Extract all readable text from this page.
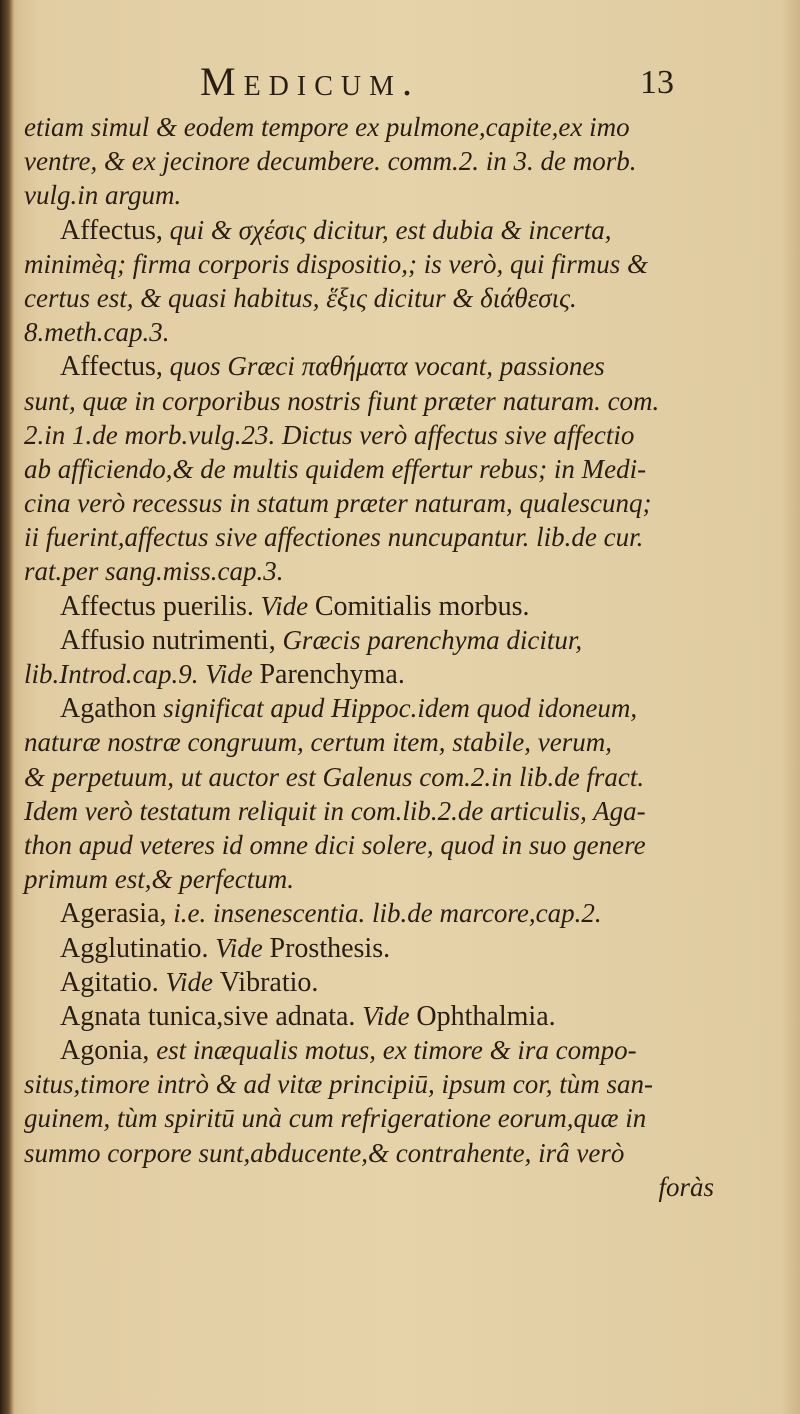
Medicum.	13
etiam simul & eodem tempore ex pulmone,capite,ex imo
ventre, & ex jecinore decumbere. comm.2. in 3. de morb.
vulg.in argum.
Affectus, qui & σχέσις dicitur, est dubia & incerta,
minimèq; firma corporis dispositio,; is verò, qui firmus &
certus est, & quasi habitus, ἕξις dicitur & διάθεσις.
8.meth.cap.3.
Affectus, quos Græci παθήματα vocant, passiones
sunt, quæ in corporibus nostris fiunt præter naturam. com.
2.in 1.de morb.vulg.23. Dictus verò affectus sive affectio
ab afficiendo,& de multis quidem effertur rebus; in Medi-
cina verò recessus in statum præter naturam, qualescunq;
ii fuerint,affectus sive affectiones nuncupantur. lib.de cur.
rat.per sang.miss.cap.3.
Affectus puerilis. Vide Comitialis morbus.
Affusio nutrimenti, Græcis parenchyma dicitur,
lib.Introd.cap.9. Vide Parenchyma.
Agathon significat apud Hippoc.idem quod idoneum,
naturæ nostræ congruum, certum item, stabile, verum,
& perpetuum, ut auctor est Galenus com.2.in lib.de fract.
Idem verò testatum reliquit in com.lib.2.de articulis, Aga-
thon apud veteres id omne dici solere, quod in suo genere
primum est,& perfectum.
Agerasia, i.e. insenescentia. lib.de marcore,cap.2.
Agglutinatio. Vide Prosthesis.
Agitatio. Vide Vibratio.
Agnata tunica,sive adnata. Vide Ophthalmia.
Agonia, est inæqualis motus, ex timore & ira compo-
situs,timore intrò & ad vitæ principiū, ipsum cor, tùm san-
guinem, tùm spiritū unà cum refrigeratione eorum,quæ in
summo corpore sunt,abducente,& contrahente, irâ verò
foràs
